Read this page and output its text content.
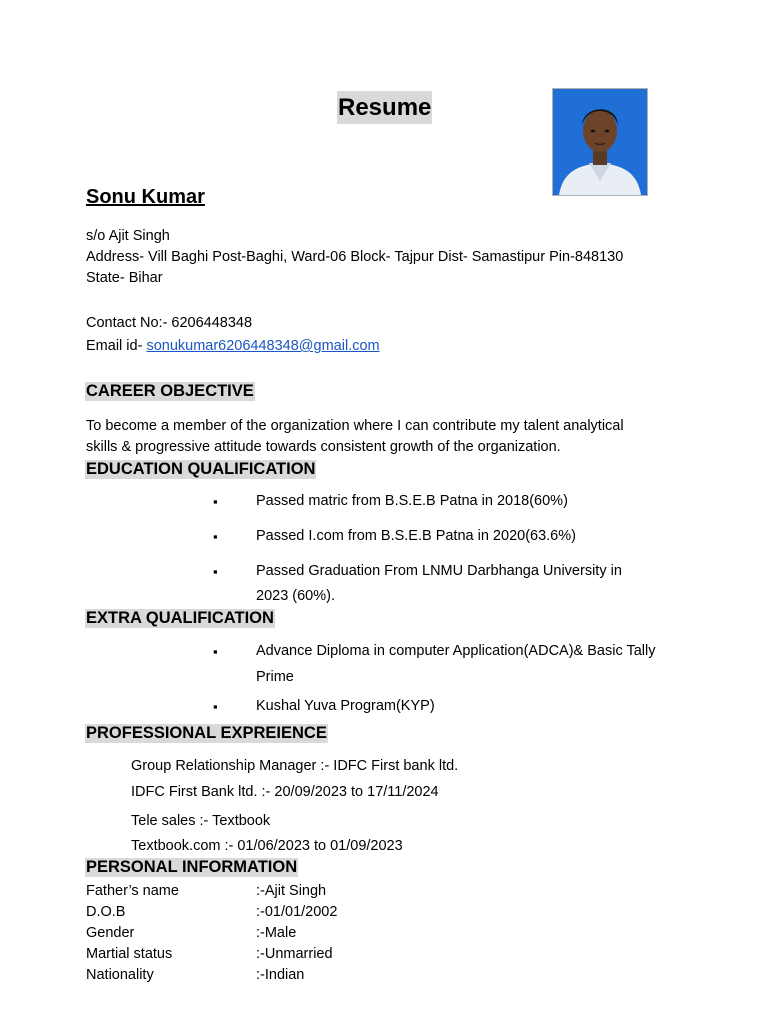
Resume
Sonu Kumar
s/o Ajit Singh
Address- Vill Baghi Post-Baghi, Ward-06 Block- Tajpur Dist- Samastipur Pin-848130
State- Bihar
Contact No:- 6206448348
Email id- sonukumar6206448348@gmail.com
CAREER OBJECTIVE
To become a member of the organization where I can contribute my talent analytical
skills & progressive attitude towards consistent growth of the organization.
EDUCATION QUALIFICATION
▪	Passed matric from B.S.E.B Patna in 2018(60%)
▪	Passed I.com from B.S.E.B Patna in 2020(63.6%)
▪	Passed Graduation From LNMU Darbhanga University in
2023 (60%).
EXTRA QUALIFICATION
▪	Advance Diploma in computer Application(ADCA)& Basic Tally
Prime
▪	Kushal Yuva Program(KYP)
PROFESSIONAL EXPREIENCE
Group Relationship Manager :- IDFC First bank ltd.
IDFC First Bank ltd. :- 20/09/2023 to 17/11/2024
Tele sales :- Textbook
Textbook.com :- 01/06/2023 to 01/09/2023
PERSONAL INFORMATION
Father’s name	:-Ajit Singh
D.O.B	:-01/01/2002
Gender	:-Male
Martial status	:-Unmarried
Nationality	:-Indian
